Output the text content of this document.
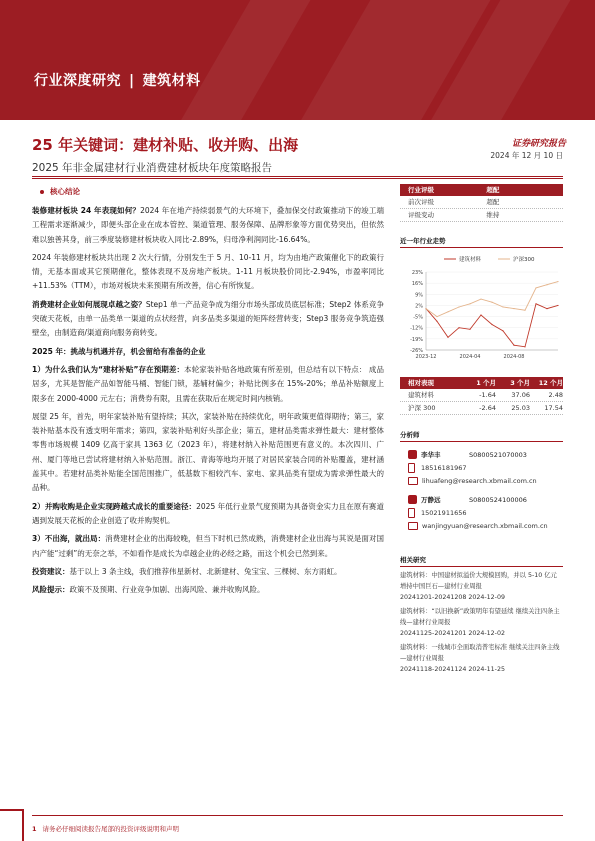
行业深度研究 | 建筑材料
25 年关键词：建材补贴、收并购、出海
2025 年非金属建材行业消费建材板块年度策略报告
证券研究报告
2024 年 12 月 10 日
核心结论

装修建材板块 24 年表现如何？2024 年在地产持续弱景气的大环境下，叠加保交付政策推动下的竣工端工程需求逐渐减少，即便头部企业在成本管控、渠道管理、服务保障、品牌形象等方面优势突出，但依然难以独善其身，前三季度装修建材板块收入同比-2.89%，归母净利润同比-16.64%。

2024 年装修建材板块共出现 2 次大行情，分别发生于 5 月、10-11 月，均为由地产政策催化下的政策行情，无基本面或其它预期催化，整体表现不及房地产板块。1-11 月板块股价同比-2.94%，市盈率同比+11.53%（TTM），市场对板块未来预期有所改善，信心有所恢复。

消费建材企业如何展现卓越之姿？Step1 单一产品竞争成为细分市场头部成员底层标准；Step2 体系竞争突破天花板，由单一品类单一渠道的点状经营，向多品类多渠道的矩阵经营转变；Step3 服务竞争筑造强壁垒，由制造商/渠道商向服务商转变。

2025 年：挑战与机遇并存，机会留给有准备的企业

1）为什么我们认为“建材补贴”存在预期差：本轮家装补贴各地政策有所差别，但总结有以下特点： 成品居多，尤其是智能产品如智能马桶、智能门锁，基辅材偏少；补贴比例多在 15%-20%；单品补贴额度上限多在 2000-4000 元左右；消费券有限，且需在获取后在规定时间内核销。

展望 25 年，首先，明年家装补贴有望持续；其次，家装补贴在持续优化，明年政策更值得期待；第三，家装补贴基本没有透支明年需求；第四，家装补贴利好头部企业；第五，建材品类需求弹性最大：建材整体零售市场规模 1409 亿高于家具 1363 亿（2023 年），将建材纳入补贴范围更有意义的。本次四川、广州、厦门等地已尝试将建材纳入补贴范围。浙江、青海等地均开展了对居民家装合同的补贴覆盖，建材涵盖其中。若建材品类补贴能全国范围推广，低基数下相较汽车、家电、家具品类有望成为需求弹性最大的品种。

2）并购收购是企业实现跨越式成长的重要途径：2025 年低行业景气度预期为具备资金实力且在原有赛道遇到发展天花板的企业创造了收并购契机。

3）不出海，就出局：消费建材企业的出海较晚，但当下时机已然成熟，消费建材企业出海与其说是面对国内产能“过剩”的无奈之举，不如看作是成长为卓越企业的必经之路，而这个机会已然到来。

投资建议：基于以上 3 条主线，我们推荐伟星新材、北新建材、兔宝宝、三棵树、东方雨虹。

风险提示：政策不及预期、行业竞争加剧、出海风险、兼并收购风险。

行业评级	超配
前次评级	超配
评级变动	维持
近一年行业走势
建筑材料	沪深300
23%
16%
9%
2%
-5%
-12%
-19%
-26%
2023-12	2024-04	2024-08
相对表现	1 个月	3 个月	12 个月
建筑材料	-1.64	37.06	2.48
沪深 300	-2.64	25.03	17.54
分析师
李华丰	S0800521070003
18516181967
lihuafeng@research.xbmail.com.cn
万静远	S0800524100006
15021911656
wanjingyuan@research.xbmail.com.cn
相关研究
建筑材料：中国建材拟溢价大规模回购，并以 5-10 亿元增持中国巨石—建材行业周报
20241201-20241208 2024-12-09
建筑材料：“以旧换新”政策明年有望延续 继续关注四条主线—建材行业周报
20241125-20241201 2024-12-02
建筑材料：一线城市全面取消普宅标准 继续关注四条主线—建材行业周报
20241118-20241124 2024-11-25
1 请务必仔细阅读报告尾部的投资评级说明和声明
